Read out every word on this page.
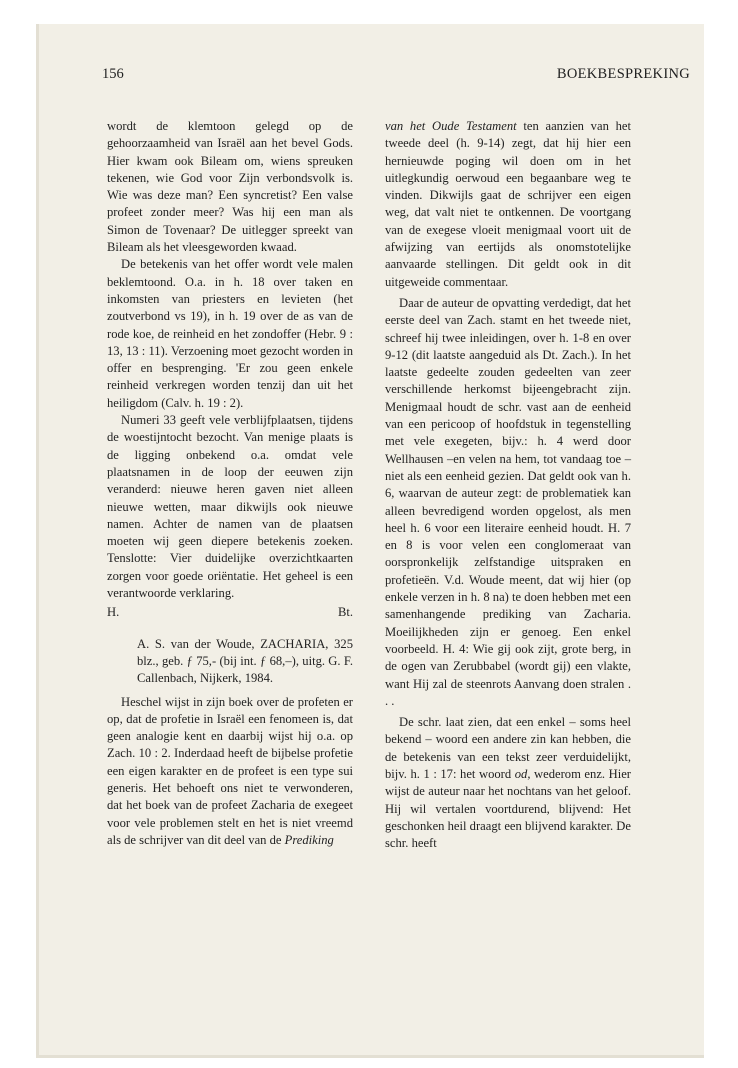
156	BOEKBESPREKING

wordt de klemtoon gelegd op de gehoorzaamheid van Israël aan het bevel Gods. Hier kwam ook Bileam om, wiens spreuken tekenen, wie God voor Zijn verbondsvolk is. Wie was deze man? Een syncretist? Een valse profeet zonder meer? Was hij een man als Simon de Tovenaar? De uitlegger spreekt van Bileam als het vleesgeworden kwaad.

De betekenis van het offer wordt vele malen beklemtoond. O.a. in h. 18 over taken en inkomsten van priesters en levieten (het zoutverbond vs 19), in h. 19 over de as van de rode koe, de reinheid en het zondoffer (Hebr. 9 : 13, 13 : 11). Verzoening moet gezocht worden in offer en besprenging. 'Er zou geen enkele reinheid verkregen worden tenzij dan uit het heiligdom (Calv. h. 19 : 2).

Numeri 33 geeft vele verblijfplaatsen, tijdens de woestijntocht bezocht. Van menige plaats is de ligging onbekend o.a. omdat vele plaatsnamen in de loop der eeuwen zijn veranderd: nieuwe heren gaven niet alleen nieuwe wetten, maar dikwijls ook nieuwe namen. Achter de namen van de plaatsen moeten wij geen diepere betekenis zoeken. Tenslotte: Vier duidelijke overzichtkaarten zorgen voor goede oriëntatie. Het geheel is een verantwoorde verklaring.

H.	Bt.

A. S. van der Woude, ZACHARIA, 325 blz., geb. ƒ 75,- (bij int. ƒ 68,–), uitg. G. F. Callenbach, Nijkerk, 1984.

Heschel wijst in zijn boek over de profeten er op, dat de profetie in Israël een fenomeen is, dat geen analogie kent en daarbij wijst hij o.a. op Zach. 10 : 2. Inderdaad heeft de bijbelse profetie een eigen karakter en de profeet is een type sui generis. Het behoeft ons niet te verwonderen, dat het boek van de profeet Zacharia de exegeet voor vele problemen stelt en het is niet vreemd als de schrijver van dit deel van de Prediking

van het Oude Testament ten aanzien van het tweede deel (h. 9-14) zegt, dat hij hier een hernieuwde poging wil doen om in het uitlegkundig oerwoud een begaanbare weg te vinden. Dikwijls gaat de schrijver een eigen weg, dat valt niet te ontkennen. De voortgang van de exegese vloeit menigmaal voort uit de afwijzing van eertijds als onomstotelijke aanvaarde stellingen. Dit geldt ook in dit uitgeweide commentaar.

Daar de auteur de opvatting verdedigt, dat het eerste deel van Zach. stamt en het tweede niet, schreef hij twee inleidingen, over h. 1-8 en over 9-12 (dit laatste aangeduid als Dt. Zach.). In het laatste gedeelte zouden gedeelten van zeer verschillende herkomst bijeengebracht zijn. Menigmaal houdt de schr. vast aan de eenheid van een pericoop of hoofdstuk in tegenstelling met vele exegeten, bijv.: h. 4 werd door Wellhausen –en velen na hem, tot vandaag toe – niet als een eenheid gezien. Dat geldt ook van h. 6, waarvan de auteur zegt: de problematiek kan alleen bevredigend worden opgelost, als men heel h. 6 voor een literaire eenheid houdt. H. 7 en 8 is voor velen een conglomeraat van oorspronkelijk zelfstandige uitspraken en profetieën. V.d. Woude meent, dat wij hier (op enkele verzen in h. 8 na) te doen hebben met een samenhangende prediking van Zacharia. Moeilijkheden zijn er genoeg. Een enkel voorbeeld. H. 4: Wie gij ook zijt, grote berg, in de ogen van Zerubbabel (wordt gij) een vlakte, want Hij zal de steenrots Aanvang doen stralen . . .

De schr. laat zien, dat een enkel – soms heel bekend – woord een andere zin kan hebben, die de betekenis van een tekst zeer verduidelijkt, bijv. h. 1 : 17: het woord od, wederom enz. Hier wijst de auteur naar het nochtans van het geloof. Hij wil vertalen voortdurend, blijvend: Het geschonken heil draagt een blijvend karakter. De schr. heeft
